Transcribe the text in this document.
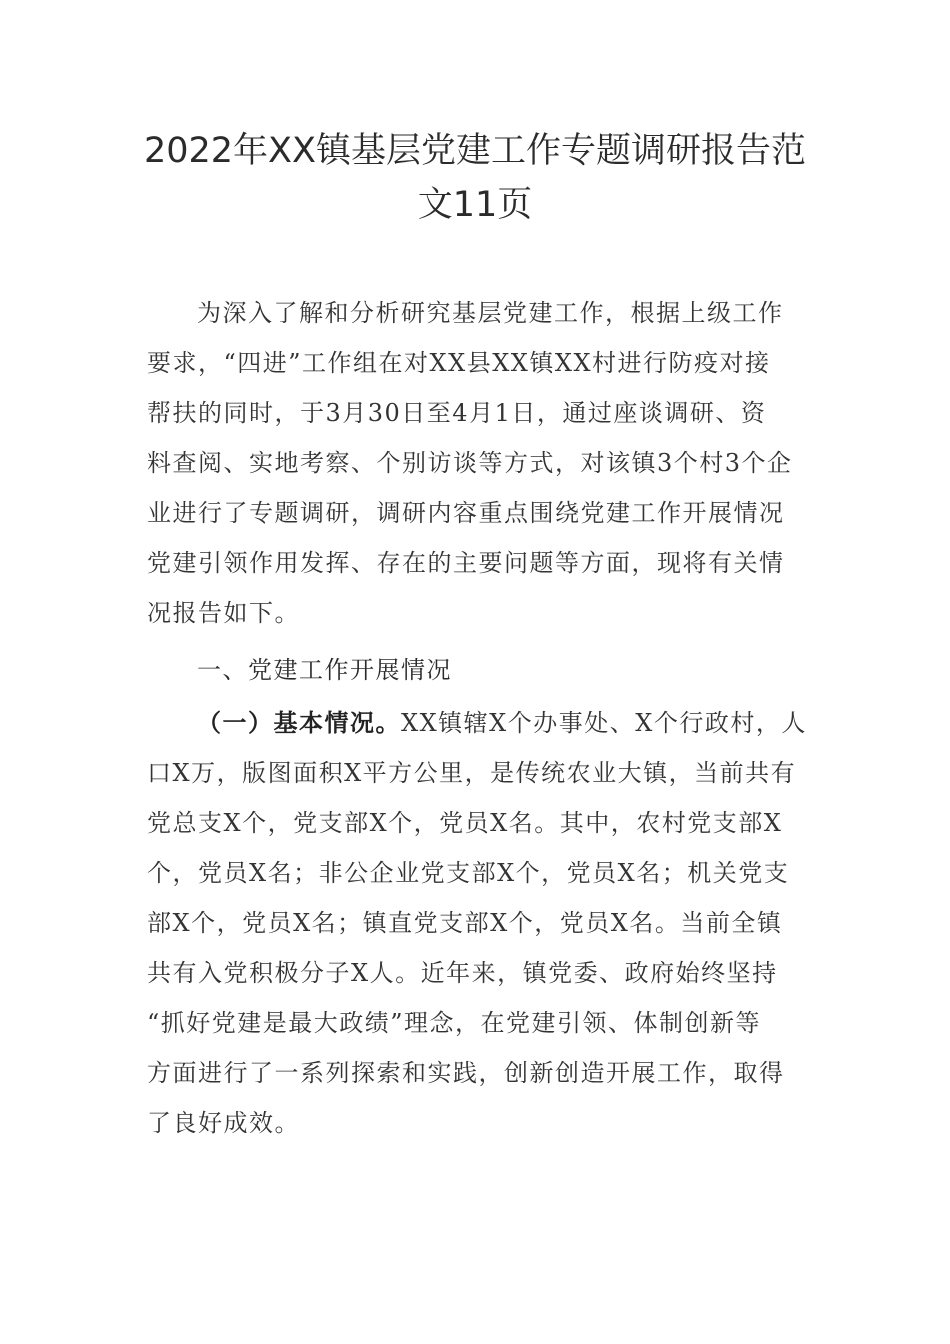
2022年XX镇基层党建工作专题调研报告范
文11页
为深入了解和分析研究基层党建工作，根据上级工作
要求，“四进”工作组在对XX县XX镇XX村进行防疫对接
帮扶的同时，于3月30日至4月1日，通过座谈调研、资
料查阅、实地考察、个别访谈等方式，对该镇3个村3个企
业进行了专题调研，调研内容重点围绕党建工作开展情况
党建引领作用发挥、存在的主要问题等方面，现将有关情
况报告如下。
一、党建工作开展情况
（一）基本情况。XX镇辖X个办事处、X个行政村，人
口X万，版图面积X平方公里，是传统农业大镇，当前共有
党总支X个，党支部X个，党员X名。其中，农村党支部X
个，党员X名；非公企业党支部X个，党员X名；机关党支
部X个，党员X名；镇直党支部X个，党员X名。当前全镇
共有入党积极分子X人。近年来，镇党委、政府始终坚持
“抓好党建是最大政绩”理念，在党建引领、体制创新等
方面进行了一系列探索和实践，创新创造开展工作，取得
了良好成效。
